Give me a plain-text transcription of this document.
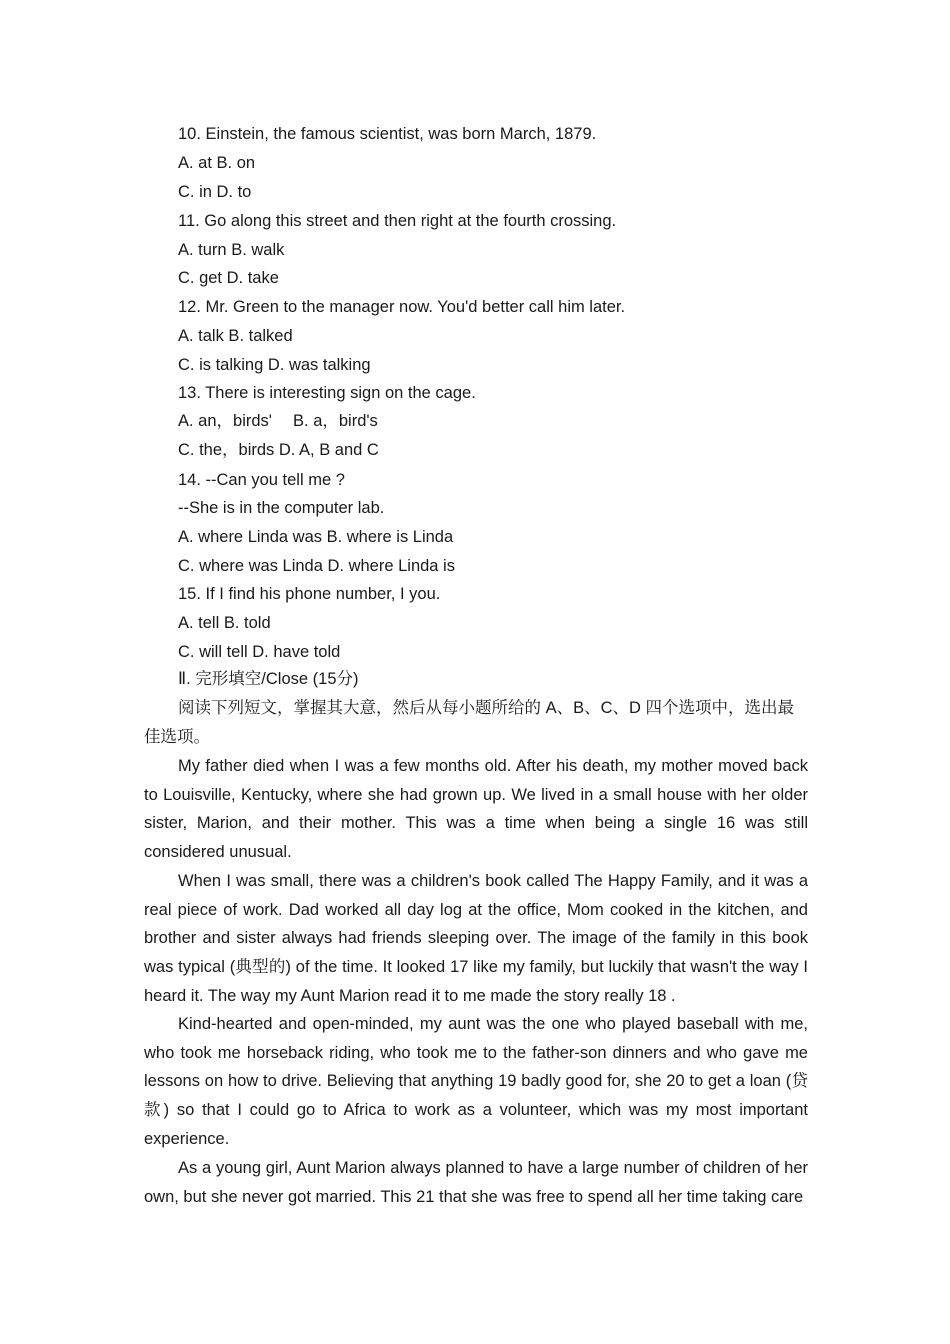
10. Einstein, the famous scientist, was born March, 1879.
A. at B. on
C. in D. to
11. Go along this street and then right at the fourth crossing.
A. turn B. walk
C. get D. take
12. Mr. Green to the manager now. You'd better call him later.
A. talk B. talked
C. is talking D. was talking
13. There is interesting sign on the cage.
A. an，birds'　 B. a，bird's
C. the，birds D. A, B and C
14. --Can you tell me ?
--She is in the computer lab.
A. where Linda was B. where is Linda
C. where was Linda D. where Linda is
15. If I find his phone number, I you.
A. tell B. told
C. will tell D. have told
Ⅱ. 完形填空/Close (15分)
阅读下列短文，掌握其大意，然后从每小题所给的 A、B、C、D 四个选项中，选出最
佳选项。
My father died when I was a few months old. After his death, my mother moved back to Louisville, Kentucky, where she had grown up. We lived in a small house with her older sister, Marion, and their mother. This was a time when being a single 16 was still considered unusual.
When I was small, there was a children's book called The Happy Family, and it was a real piece of work. Dad worked all day log at the office, Mom cooked in the kitchen, and brother and sister always had friends sleeping over. The image of the family in this book was typical (典型的) of the time. It looked 17 like my family, but luckily that wasn't the way I heard it. The way my Aunt Marion read it to me made the story really 18 .
Kind-hearted and open-minded, my aunt was the one who played baseball with me, who took me horseback riding, who took me to the father-son dinners and who gave me lessons on how to drive. Believing that anything 19 badly good for, she 20 to get a loan (贷款) so that I could go to Africa to work as a volunteer, which was my most important experience.
As a young girl, Aunt Marion always planned to have a large number of children of her own, but she never got married. This 21 that she was free to spend all her time taking care
